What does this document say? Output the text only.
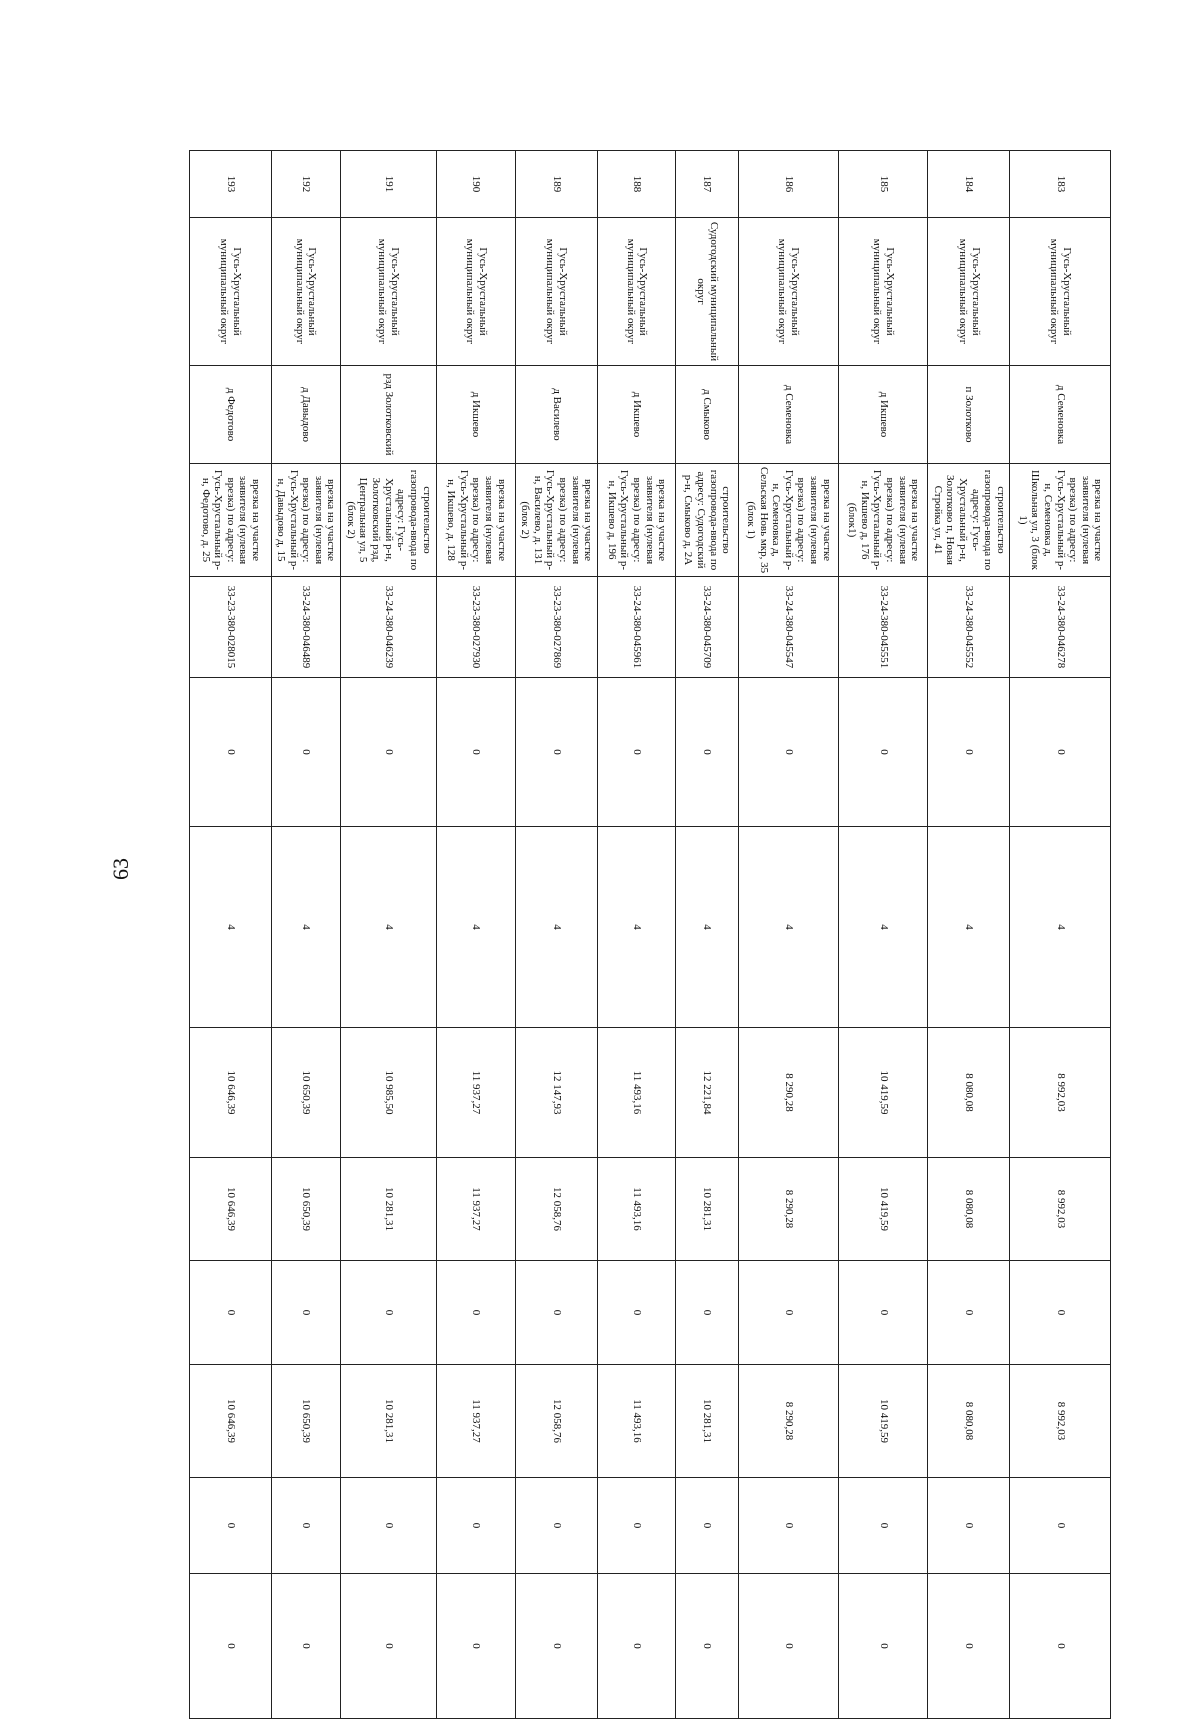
63
183	Гусь-Хрустальный муниципальный округ	д Семеновка	врезка на участке заявителя (нулевая врезка) по адресу: Гусь-Хрустальный р-н, Семеновка д, Школьная ул, 3 (блок 1)	33-24-380-046278	0	4	8 992,03	8 992,03	0	8 992,03	0	0
184	Гусь-Хрустальный муниципальный округ	п Золотково	строительство газопровода-ввода по адресу: Гусь-Хрустальный р-н, Золотково п, Новая Стройка ул, 41	33-24-380-045552	0	4	8 080,08	8 080,08	0	8 080,08	0	0
185	Гусь-Хрустальный муниципальный округ	д Икшево	врезка на участке заявителя (нулевая врезка) по адресу: Гусь-Хрустальный р-н, Икшево д, 176 (блок1)	33-24-380-045551	0	4	10 419,59	10 419,59	0	10 419,59	0	0
186	Гусь-Хрустальный муниципальный округ	д Семеновка	врезка на участке заявителя (нулевая врезка) по адресу: Гусь-Хрустальный р-н, Семеновка д, Сельская Новь мкр, 35 (блок 1)	33-24-380-045547	0	4	8 290,28	8 290,28	0	8 290,28	0	0
187	Судогодский муниципальный округ	д Смыково	строительство газопровода-ввода по адресу: Судогодский р-н, Смыково д, 2А	33-24-380-045709	0	4	12 221,84	10 281,31	0	10 281,31	0	0
188	Гусь-Хрустальный муниципальный округ	д Икшево	врезка на участке заявителя (нулевая врезка) по адресу: Гусь-Хрустальный р-н, Икшево д, 196	33-24-380-045961	0	4	11 493,16	11 493,16	0	11 493,16	0	0
189	Гусь-Хрустальный муниципальный округ	д Василево	врезка на участке заявителя (нулевая врезка) по адресу: Гусь-Хрустальный р-н, Василево, д. 131 (блок 2)	33-23-380-027869	0	4	12 147,93	12 058,76	0	12 058,76	0	0
190	Гусь-Хрустальный муниципальный округ	д Икшево	врезка на участке заявителя (нулевая врезка) по адресу: Гусь-Хрустальный р-н, Икшево, д. 128	33-23-380-027930	0	4	11 937,27	11 937,27	0	11 937,27	0	0
191	Гусь-Хрустальный муниципальный округ	рзд Золотковский	строительство газопровода-ввода по адресу: Гусь-Хрустальный р-н, Золотковский рзд, Центральная ул, 5 (блок 2)	33-24-380-046239	0	4	10 985,50	10 281,31	0	10 281,31	0	0
192	Гусь-Хрустальный муниципальный округ	д Давыдово	врезка на участке заявителя (нулевая врезка) по адресу: Гусь-Хрустальный р-н, Давыдово д, 15	33-24-380-046489	0	4	10 650,39	10 650,39	0	10 650,39	0	0
193	Гусь-Хрустальный муниципальный округ	д Федотово	врезка на участке заявителя (нулевая врезка) по адресу: Гусь-Хрустальный р-н, Федотово, д. 25	33-23-380-028015	0	4	10 646,39	10 646,39	0	10 646,39	0	0
